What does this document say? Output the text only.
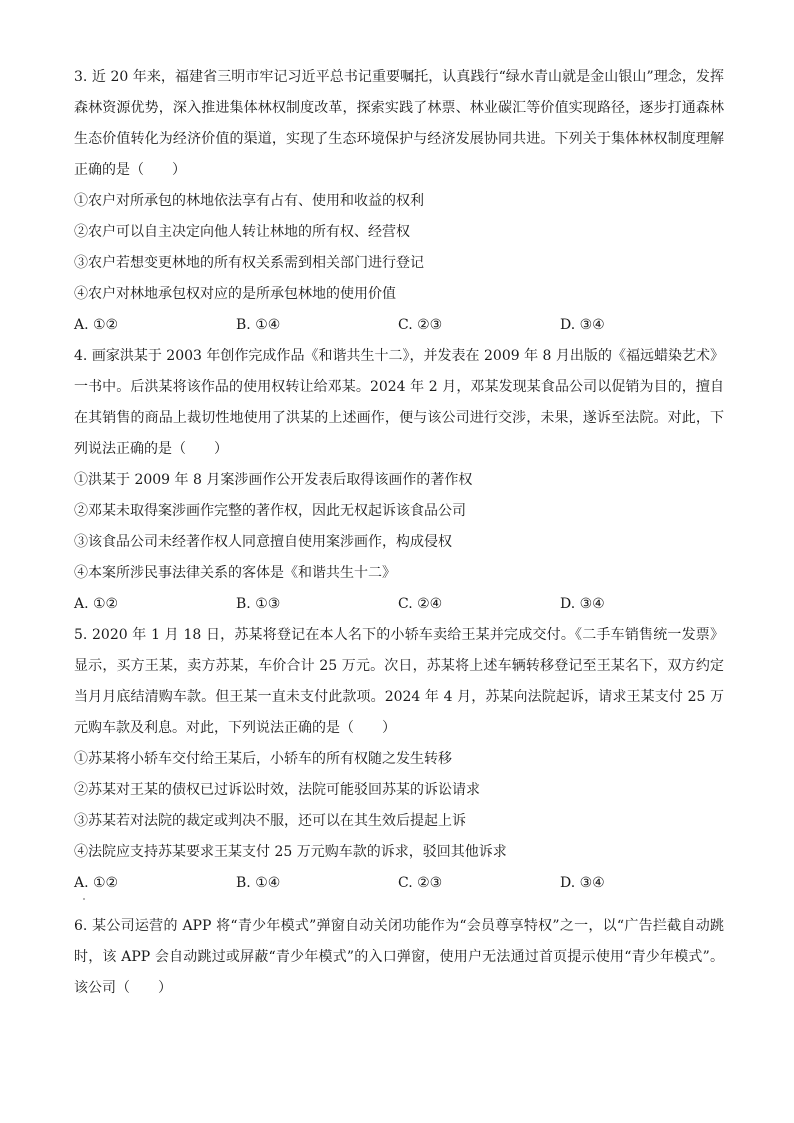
3. 近 20 年来，福建省三明市牢记习近平总书记重要嘱托，认真践行“绿水青山就是金山银山”理念，发挥森林资源优势，深入推进集体林权制度改革，探索实践了林票、林业碳汇等价值实现路径，逐步打通森林生态价值转化为经济价值的渠道，实现了生态环境保护与经济发展协同共进。下列关于集体林权制度理解正确的是（　　）

①农户对所承包的林地依法享有占有、使用和收益的权利

②农户可以自主决定向他人转让林地的所有权、经营权

③农户若想变更林地的所有权关系需到相关部门进行登记

④农户对林地承包权对应的是所承包林地的使用价值

A. ①②	B. ①④	C. ②③	D. ③④

4. 画家洪某于 2003 年创作完成作品《和谐共生十二》，并发表在 2009 年 8 月出版的《福远蜡染艺术》一书中。后洪某将该作品的使用权转让给邓某。2024 年 2 月，邓某发现某食品公司以促销为目的，擅自在其销售的商品上裁切性地使用了洪某的上述画作，便与该公司进行交涉，未果，遂诉至法院。对此，下列说法正确的是（　　）

①洪某于 2009 年 8 月案涉画作公开发表后取得该画作的著作权

②邓某未取得案涉画作完整的著作权，因此无权起诉该食品公司

③该食品公司未经著作权人同意擅自使用案涉画作，构成侵权

④本案所涉民事法律关系的客体是《和谐共生十二》

A. ①②	B. ①③	C. ②④	D. ③④

5. 2020 年 1 月 18 日，苏某将登记在本人名下的小轿车卖给王某并完成交付。《二手车销售统一发票》显示，买方王某，卖方苏某，车价合计 25 万元。次日，苏某将上述车辆转移登记至王某名下，双方约定当月月底结清购车款。但王某一直未支付此款项。2024 年 4 月，苏某向法院起诉，请求王某支付 25 万元购车款及利息。对此，下列说法正确的是（　　）

①苏某将小轿车交付给王某后，小轿车的所有权随之发生转移

②苏某对王某的债权已过诉讼时效，法院可能驳回苏某的诉讼请求

③苏某若对法院的裁定或判决不服，还可以在其生效后提起上诉

④法院应支持苏某要求王某支付 25 万元购车款的诉求，驳回其他诉求

A. ①②	B. ①④	C. ②③	D. ③④

6. 某公司运营的 APP 将“青少年模式”弹窗自动关闭功能作为“会员尊享特权”之一，以“广告拦截自动跳时，该 APP 会自动跳过或屏蔽“青少年模式”的入口弹窗，使用户无法通过首页提示使用“青少年模式”。该公司（　　）
